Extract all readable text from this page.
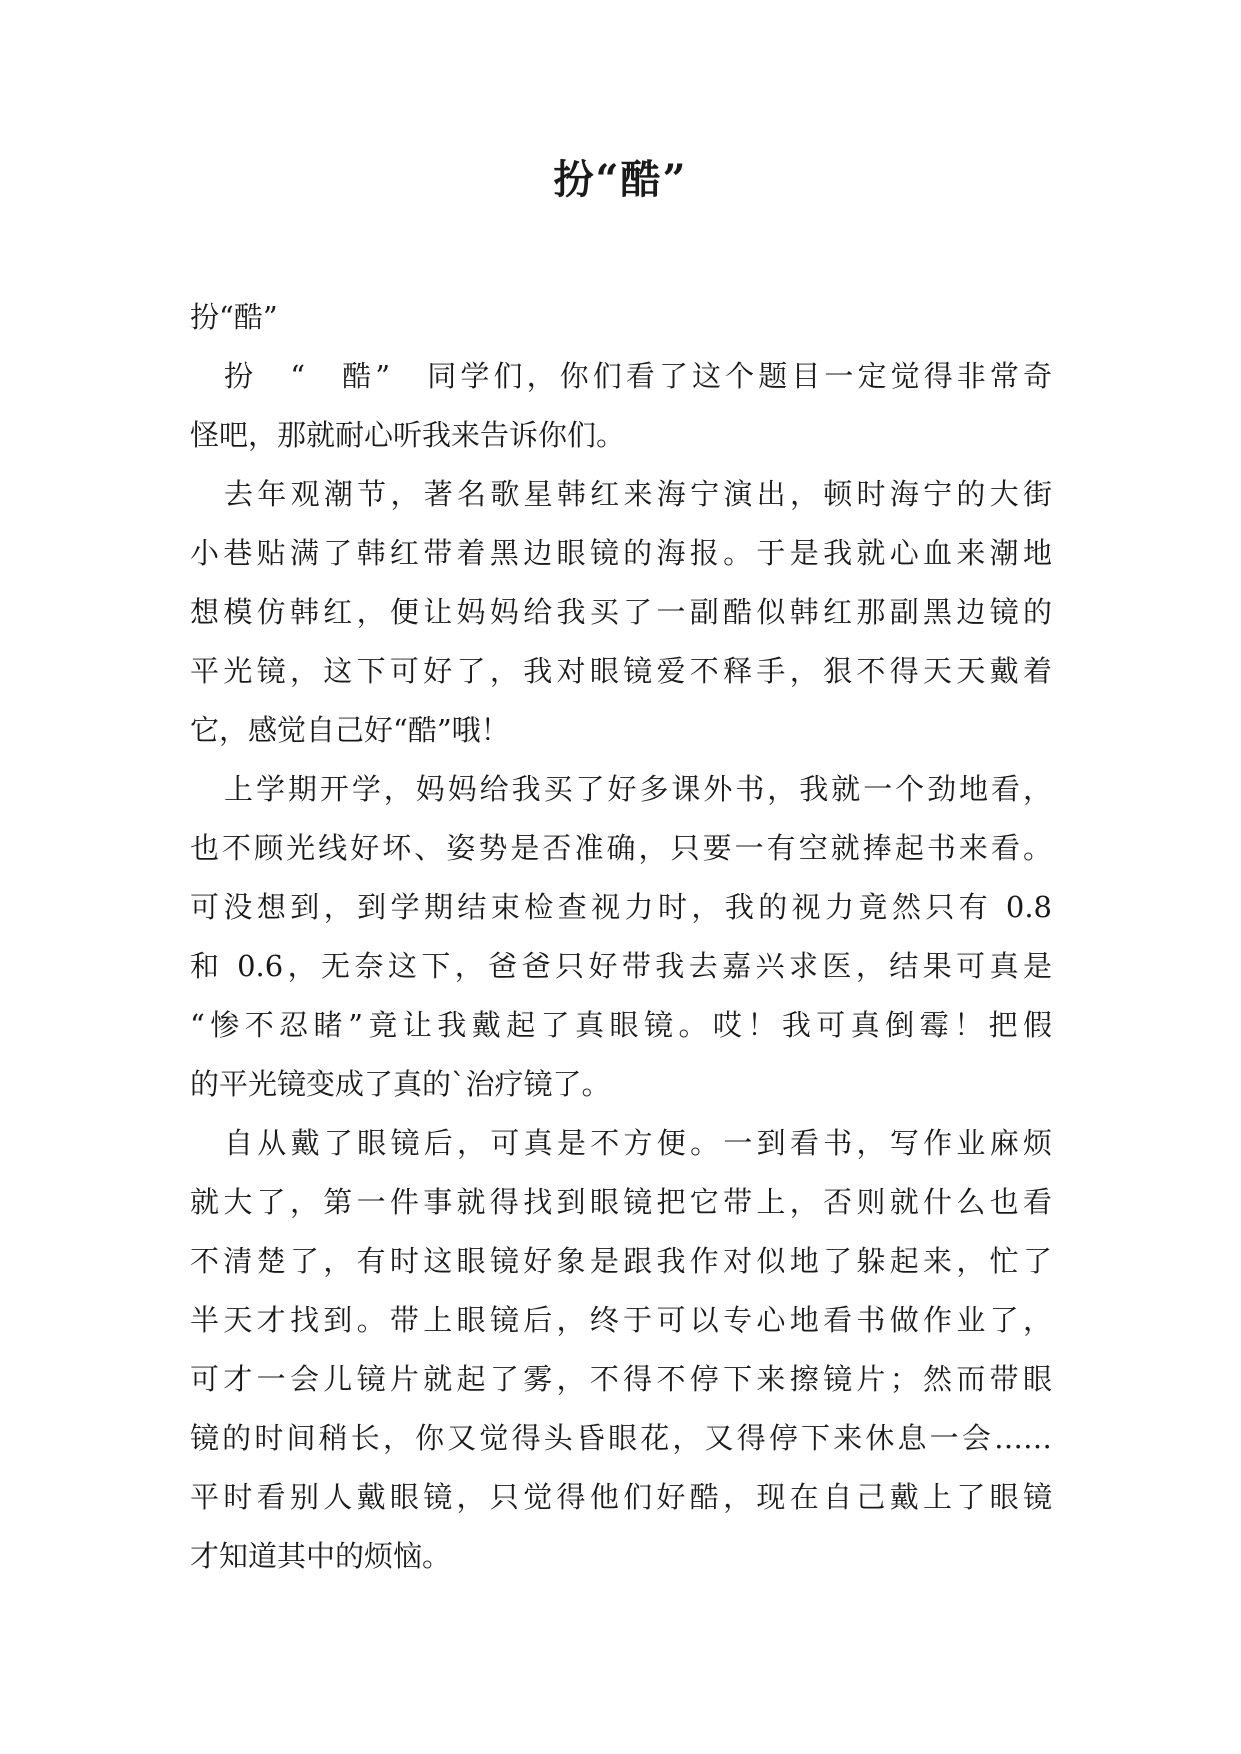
扮“酷”
扮“酷”
扮　“　酷”　同学们，你们看了这个题目一定觉得非常奇
怪吧，那就耐心听我来告诉你们。
去年观潮节，著名歌星韩红来海宁演出，顿时海宁的大街
小巷贴满了韩红带着黑边眼镜的海报。于是我就心血来潮地
想模仿韩红，便让妈妈给我买了一副酷似韩红那副黑边镜的
平光镜，这下可好了，我对眼镜爱不释手，狠不得天天戴着
它，感觉自己好“酷”哦！
上学期开学，妈妈给我买了好多课外书，我就一个劲地看，
也不顾光线好坏、姿势是否准确，只要一有空就捧起书来看。
可没想到，到学期结束检查视力时，我的视力竟然只有 0.8
和 0.6，无奈这下，爸爸只好带我去嘉兴求医，结果可真是
“惨不忍睹”竟让我戴起了真眼镜。哎！我可真倒霉！把假
的平光镜变成了真的`治疗镜了。
自从戴了眼镜后，可真是不方便。一到看书，写作业麻烦
就大了，第一件事就得找到眼镜把它带上，否则就什么也看
不清楚了，有时这眼镜好象是跟我作对似地了躲起来，忙了
半天才找到。带上眼镜后，终于可以专心地看书做作业了，
可才一会儿镜片就起了雾，不得不停下来擦镜片；然而带眼
镜的时间稍长，你又觉得头昏眼花，又得停下来休息一会……
平时看别人戴眼镜，只觉得他们好酷，现在自己戴上了眼镜
才知道其中的烦恼。
